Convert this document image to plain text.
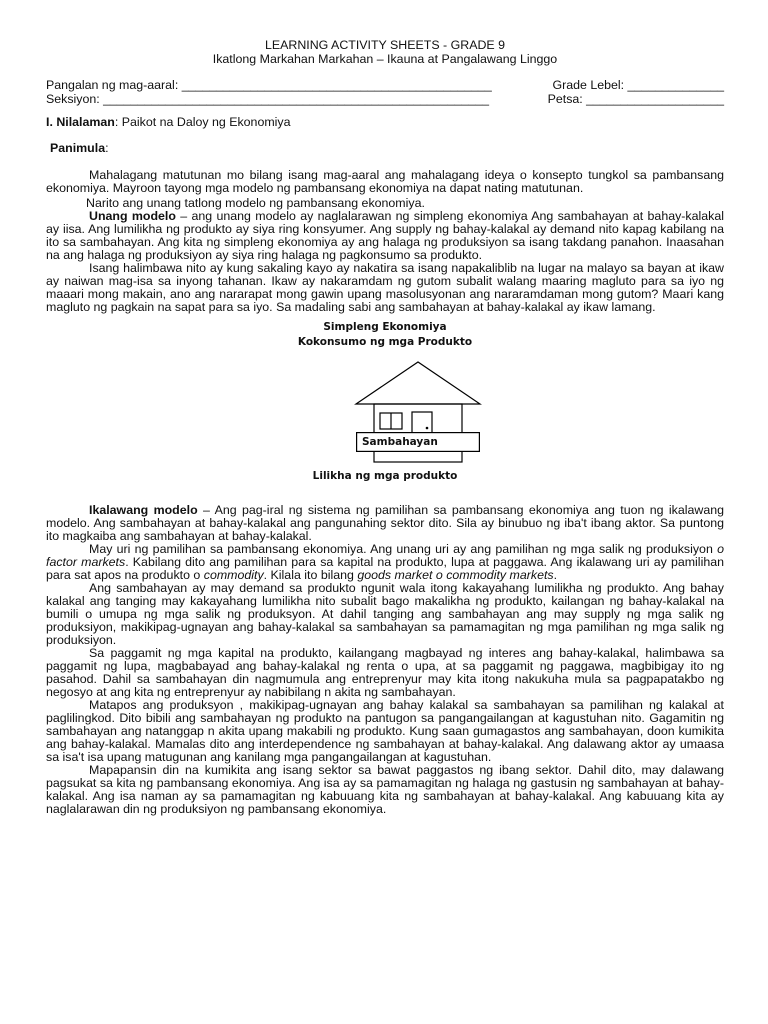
LEARNING ACTIVITY SHEETS - GRADE 9
Ikatlong Markahan Markahan – Ikauna at Pangalawang Linggo
Pangalan ng mag-aaral: _____________________________________________	Grade Lebel: ______________
Seksiyon: ________________________________________________________	Petsa: ____________________
I. Nilalaman: Paikot na Daloy ng Ekonomiya
Panimula:

Mahalagang matutunan mo bilang isang mag-aaral ang mahalagang ideya o konsepto tungkol sa pambansang ekonomiya. Mayroon tayong mga modelo ng pambansang ekonomiya na dapat nating matutunan.

Narito ang unang tatlong modelo ng pambansang ekonomiya.

Unang modelo – ang unang modelo ay naglalarawan ng simpleng ekonomiya Ang sambahayan at bahay-kalakal ay iisa. Ang lumilikha ng produkto ay siya ring konsyumer. Ang supply ng bahay-kalakal ay demand nito kapag kabilang na ito sa sambahayan. Ang kita ng simpleng ekonomiya ay ang halaga ng produksiyon sa isang takdang panahon. Inaasahan na ang halaga ng produksiyon ay siya ring halaga ng pagkonsumo sa produkto.

Isang halimbawa nito ay kung sakaling kayo ay nakatira sa isang napakaliblib na lugar na malayo sa bayan at ikaw ay naiwan mag-isa sa inyong tahanan. Ikaw ay nakaramdam ng gutom subalit walang maaring magluto para sa iyo ng maaari mong makain, ano ang nararapat mong gawin upang masolusyonan ang nararamdaman mong gutom? Maari kang magluto ng pagkain na sapat para sa iyo. Sa madaling sabi ang sambahayan at bahay-kalakal ay ikaw lamang.

Simpleng Ekonomiya
Kokonsumo ng mga Produkto
Sambahayan
Lilikha ng mga produkto

Ikalawang modelo – Ang pag-iral ng sistema ng pamilihan sa pambansang ekonomiya ang tuon ng ikalawang modelo. Ang sambahayan at bahay-kalakal ang pangunahing sektor dito. Sila ay binubuo ng iba't ibang aktor. Sa puntong ito magkaiba ang sambahayan at bahay-kalakal.

May uri ng pamilihan sa pambansang ekonomiya. Ang unang uri ay ang pamilihan ng mga salik ng produksiyon o factor markets. Kabilang dito ang pamilihan para sa kapital na produkto, lupa at paggawa. Ang ikalawang uri ay pamilihan para sat apos na produkto o commodity. Kilala ito bilang goods market o commodity markets.

Ang sambahayan ay may demand sa produkto ngunit wala itong kakayahang lumilikha ng produkto. Ang bahay kalakal ang tanging may kakayahang lumilikha nito subalit bago makalikha ng produkto, kailangan ng bahay-kalakal na bumili o umupa ng mga salik ng produksyon. At dahil tanging ang sambahayan ang may supply ng mga salik ng produksiyon, makikipag-ugnayan ang bahay-kalakal sa sambahayan sa pamamagitan ng mga pamilihan ng mga salik ng produksiyon.

Sa paggamit ng mga kapital na produkto, kailangang magbayad ng interes ang bahay-kalakal, halimbawa sa paggamit ng lupa, magbabayad ang bahay-kalakal ng renta o upa, at sa paggamit ng paggawa, magbibigay ito ng pasahod. Dahil sa sambahayan din nagmumula ang entreprenyur may kita itong nakukuha mula sa pagpapatakbo ng negosyo at ang kita ng entreprenyur ay nabibilang n akita ng sambahayan.

Matapos ang produksyon , makikipag-ugnayan ang bahay kalakal sa sambahayan sa pamilihan ng kalakal at paglilingkod. Dito bibili ang sambahayan ng produkto na pantugon sa pangangailangan at kagustuhan nito. Gagamitin ng sambahayan ang natanggap n akita upang makabili ng produkto. Kung saan gumagastos ang sambahayan, doon kumikita ang bahay-kalakal. Mamalas dito ang interdependence ng sambahayan at bahay-kalakal. Ang dalawang aktor ay umaasa sa isa't isa upang matugunan ang kanilang mga pangangailangan at kagustuhan.

Mapapansin din na kumikita ang isang sektor sa bawat paggastos ng ibang sektor. Dahil dito, may dalawang pagsukat sa kita ng pambansang ekonomiya. Ang isa ay sa pamamagitan ng halaga ng gastusin ng sambahayan at bahay-kalakal. Ang isa naman ay sa pamamagitan ng kabuuang kita ng sambahayan at bahay-kalakal. Ang kabuuang kita ay naglalarawan din ng produksiyon ng pambansang ekonomiya.
